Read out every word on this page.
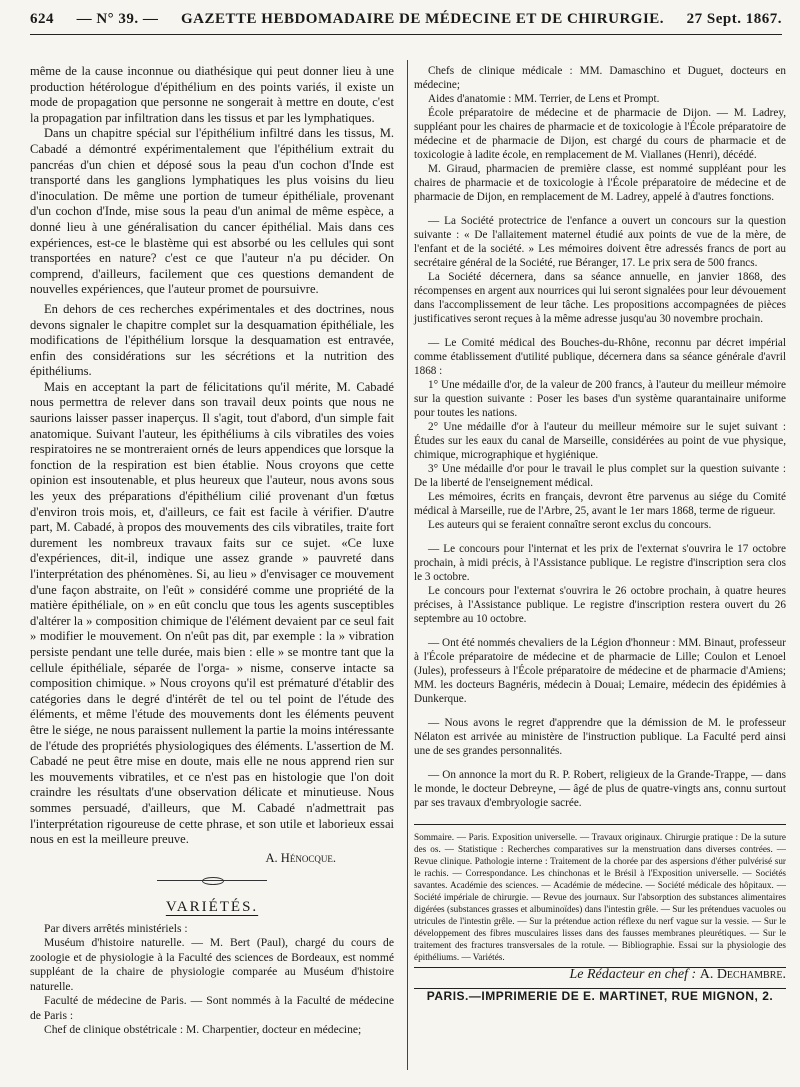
624 — N° 39. — GAZETTE HEBDOMADAIRE DE MÉDECINE ET DE CHIRURGIE. 27 Sept. 1867.

même de la cause inconnue ou diathésique qui peut donner lieu à une production hétérologue d'épithélium en des points variés, il existe un mode de propagation que personne ne songerait à mettre en doute, c'est la propagation par infiltration dans les tissus et par les lymphatiques.

Dans un chapitre spécial sur l'épithélium infiltré dans les tissus, M. Cabadé a démontré expérimentalement que l'épithélium extrait du pancréas d'un chien et déposé sous la peau d'un cochon d'Inde est transporté dans les ganglions lymphatiques les plus voisins du lieu d'inoculation. De même une portion de tumeur épithéliale, provenant d'un cochon d'Inde, mise sous la peau d'un animal de même espèce, a donné lieu à une généralisation du cancer épithélial. Mais dans ces expériences, est-ce le blastème qui est absorbé ou les cellules qui sont transportées en nature? c'est ce que l'auteur n'a pu décider. On comprend, d'ailleurs, facilement que ces questions demandent de nouvelles expériences, que l'auteur promet de poursuivre.

En dehors de ces recherches expérimentales et des doctrines, nous devons signaler le chapitre complet sur la desquamation épithéliale, les modifications de l'épithélium lorsque la desquamation est entravée, enfin des considérations sur les sécrétions et la nutrition des épithéliums.

Mais en acceptant la part de félicitations qu'il mérite, M. Cabadé nous permettra de relever dans son travail deux points que nous ne saurions laisser passer inaperçus. Il s'agit, tout d'abord, d'un simple fait anatomique. Suivant l'auteur, les épithéliums à cils vibratiles des voies respiratoires ne se montreraient ornés de leurs appendices que lorsque la fonction de la respiration est bien établie. Nous croyons que cette opinion est insoutenable, et plus heureux que l'auteur, nous avons sous les yeux des préparations d'épithélium cilié provenant d'un fœtus d'environ trois mois, et, d'ailleurs, ce fait est facile à vérifier. D'autre part, M. Cabadé, à propos des mouvements des cils vibratiles, traite fort durement les nombreux travaux faits sur ce sujet. «Ce luxe d'expériences, dit-il, indique une assez grande » pauvreté dans l'interprétation des phénomènes. Si, au lieu » d'envisager ce mouvement d'une façon abstraite, on l'eût » considéré comme une propriété de la matière épithéliale, on » en eût conclu que tous les agents susceptibles d'altérer la » composition chimique de l'élément devaient par ce seul fait » modifier le mouvement. On n'eût pas dit, par exemple : la » vibration persiste pendant une telle durée, mais bien : elle » se montre tant que la cellule épithéliale, séparée de l'orga- » nisme, conserve intacte sa composition chimique. » Nous croyons qu'il est prématuré d'établir des catégories dans le degré d'intérêt de tel ou tel point de l'étude des éléments, et même l'étude des mouvements dont les éléments peuvent être le siége, ne nous paraissent nullement la partie la moins intéressante de l'étude des propriétés physiologiques des éléments. L'assertion de M. Cabadé ne peut être mise en doute, mais elle ne nous apprend rien sur les mouvements vibratiles, et ce n'est pas en histologie que l'on doit craindre les résultats d'une observation délicate et minutieuse. Nous sommes persuadé, d'ailleurs, que M. Cabadé n'admettrait pas l'interprétation rigoureuse de cette phrase, et son utile et laborieux essai nous en est la meilleure preuve.

A. Hénocque.

VARIÉTÉS.

Par divers arrêtés ministériels :

Muséum d'histoire naturelle. — M. Bert (Paul), chargé du cours de zoologie et de physiologie à la Faculté des sciences de Bordeaux, est nommé suppléant de la chaire de physiologie comparée au Muséum d'histoire naturelle.

Faculté de médecine de Paris. — Sont nommés à la Faculté de médecine de Paris :

Chef de clinique obstétricale : M. Charpentier, docteur en médecine;

Chefs de clinique médicale : MM. Damaschino et Duguet, docteurs en médecine;

Aides d'anatomie : MM. Terrier, de Lens et Prompt.

École préparatoire de médecine et de pharmacie de Dijon. — M. Ladrey, suppléant pour les chaires de pharmacie et de toxicologie à l'École préparatoire de médecine et de pharmacie de Dijon, est chargé du cours de pharmacie et de toxicologie à ladite école, en remplacement de M. Viallanes (Henri), décédé.

M. Giraud, pharmacien de première classe, est nommé suppléant pour les chaires de pharmacie et de toxicologie à l'École préparatoire de médecine et de pharmacie de Dijon, en remplacement de M. Ladrey, appelé à d'autres fonctions.

— La Société protectrice de l'enfance a ouvert un concours sur la question suivante : « De l'allaitement maternel étudié aux points de vue de la mère, de l'enfant et de la société. » Les mémoires doivent être adressés francs de port au secrétaire général de la Société, rue Béranger, 17. Le prix sera de 500 francs.

La Société décernera, dans sa séance annuelle, en janvier 1868, des récompenses en argent aux nourrices qui lui seront signalées pour leur dévouement dans l'accomplissement de leur tâche. Les propositions accompagnées de pièces justificatives seront reçues à la même adresse jusqu'au 30 novembre prochain.

— Le Comité médical des Bouches-du-Rhône, reconnu par décret impérial comme établissement d'utilité publique, décernera dans sa séance générale d'avril 1868 :

1° Une médaille d'or, de la valeur de 200 francs, à l'auteur du meilleur mémoire sur la question suivante : Poser les bases d'un système quarantainaire uniforme pour toutes les nations.

2° Une médaille d'or à l'auteur du meilleur mémoire sur le sujet suivant : Études sur les eaux du canal de Marseille, considérées au point de vue physique, chimique, micrographique et hygiénique.

3° Une médaille d'or pour le travail le plus complet sur la question suivante : De la liberté de l'enseignement médical.

Les mémoires, écrits en français, devront être parvenus au siége du Comité médical à Marseille, rue de l'Arbre, 25, avant le 1er mars 1868, terme de rigueur.

Les auteurs qui se feraient connaître seront exclus du concours.

— Le concours pour l'internat et les prix de l'externat s'ouvrira le 17 octobre prochain, à midi précis, à l'Assistance publique. Le registre d'inscription sera clos le 3 octobre.

Le concours pour l'externat s'ouvrira le 26 octobre prochain, à quatre heures précises, à l'Assistance publique. Le registre d'inscription restera ouvert du 26 septembre au 10 octobre.

— Ont été nommés chevaliers de la Légion d'honneur : MM. Binaut, professeur à l'École préparatoire de médecine et de pharmacie de Lille; Coulon et Lenoel (Jules), professeurs à l'École préparatoire de médecine et de pharmacie d'Amiens; MM. les docteurs Bagnéris, médecin à Douai; Lemaire, médecin des épidémies à Dunkerque.

— Nous avons le regret d'apprendre que la démission de M. le professeur Nélaton est arrivée au ministère de l'instruction publique. La Faculté perd ainsi une de ses grandes personnalités.

— On annonce la mort du R. P. Robert, religieux de la Grande-Trappe, — dans le monde, le docteur Debreyne, — âgé de plus de quatre-vingts ans, connu surtout par ses travaux d'embryologie sacrée.

Sommaire. — Paris. Exposition universelle. — Travaux originaux. Chirurgie pratique : De la suture des os. — Statistique : Recherches comparatives sur la menstruation dans diverses contrées. — Revue clinique. Pathologie interne : Traitement de la chorée par des aspersions d'éther pulvérisé sur le rachis. — Correspondance. Les chinchonas et le Brésil à l'Exposition universelle. — Sociétés savantes. Académie des sciences. — Académie de médecine. — Société médicale des hôpitaux. — Société impériale de chirurgie. — Revue des journaux. Sur l'absorption des substances alimentaires digérées (substances grasses et albuminoïdes) dans l'intestin grêle. — Sur les prétendues vacuoles ou utricules de l'intestin grêle. — Sur la prétendue action réflexe du nerf vague sur la vessie. — Sur le développement des fibres musculaires lisses dans des fausses membranes pleurétiques. — Sur le traitement des fractures transversales de la rotule. — Bibliographie. Essai sur la physiologie des épithéliums. — Variétés.

Le Rédacteur en chef : A. Dechambre.

PARIS.—IMPRIMERIE DE E. MARTINET, RUE MIGNON, 2.
